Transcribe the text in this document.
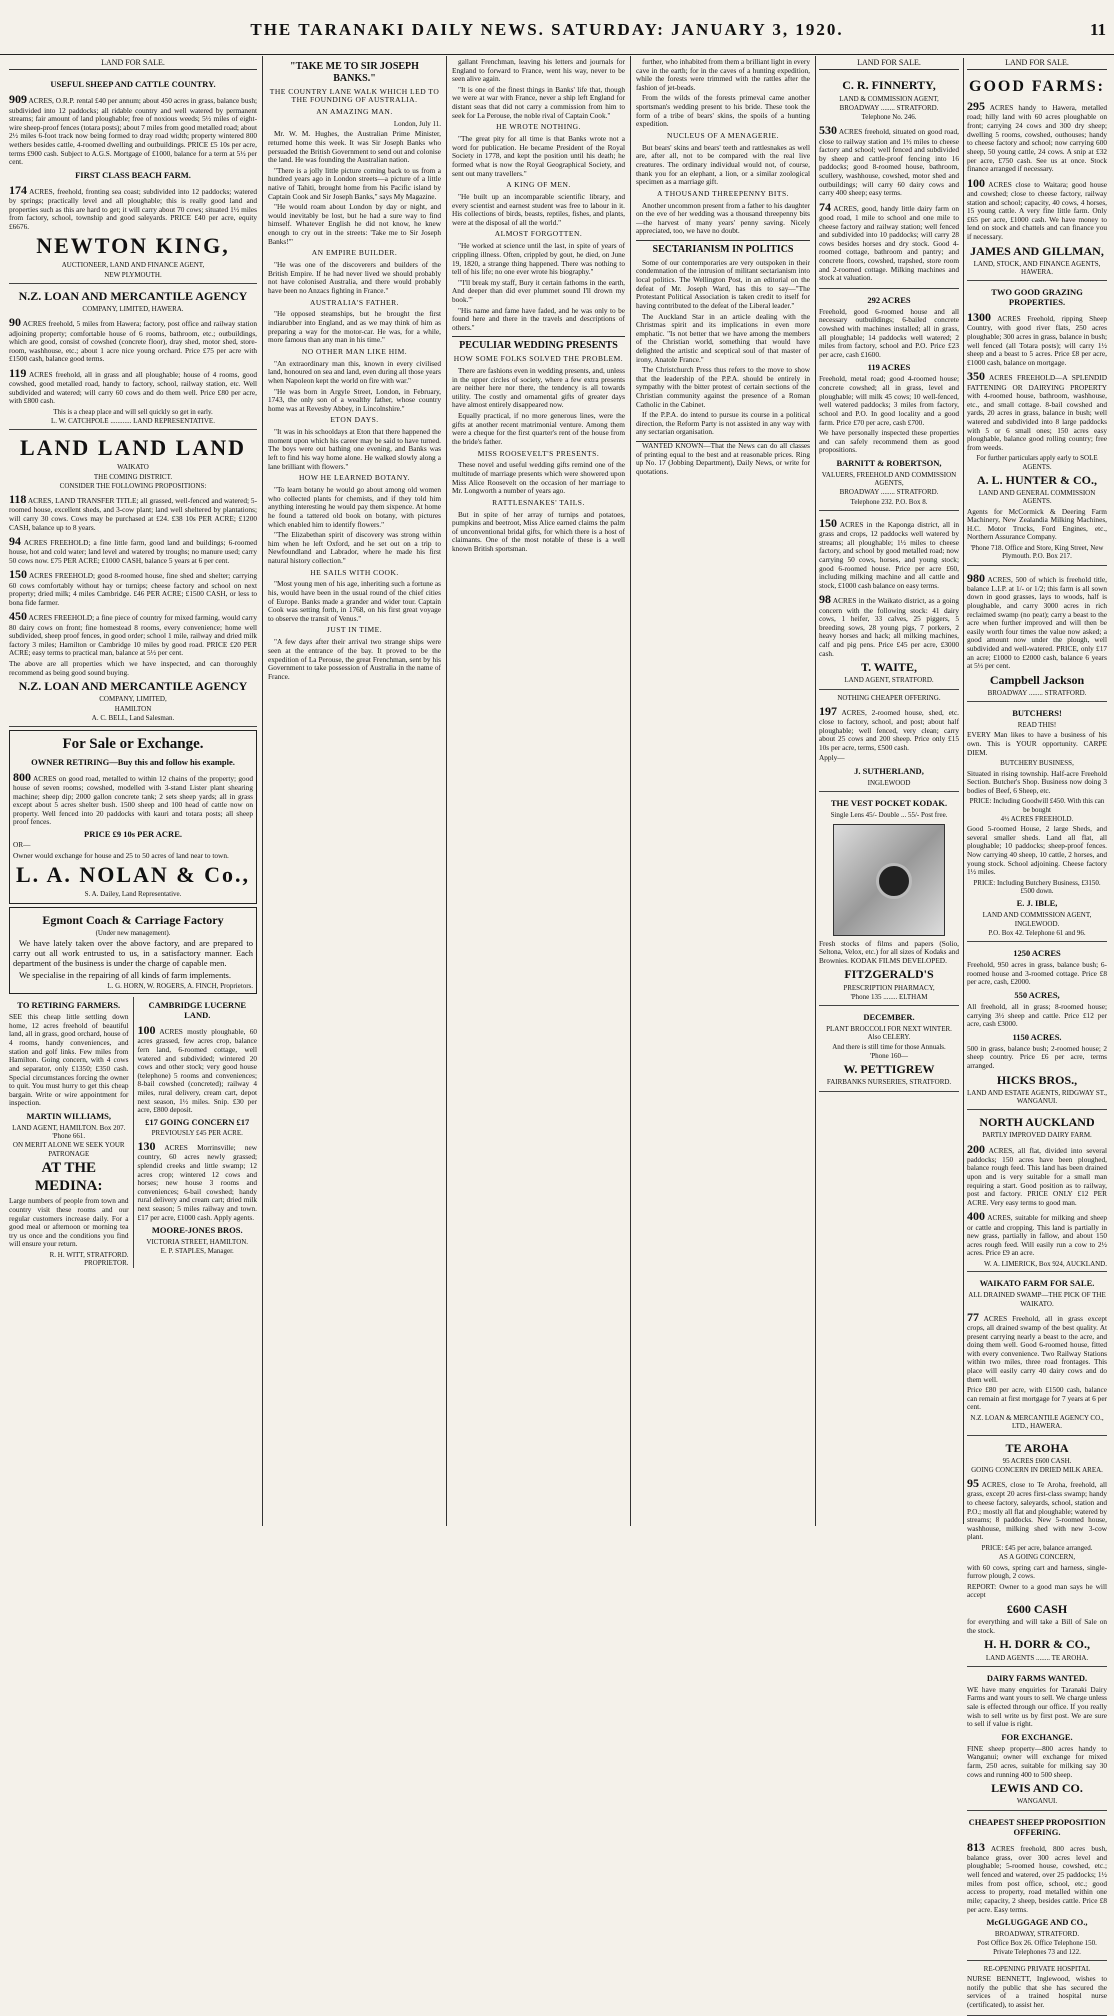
THE TARANAKI DAILY NEWS. SATURDAY: JANUARY 3, 1920.	11
LAND FOR SALE.
USEFUL SHEEP AND CATTLE COUNTRY.
909 ACRES, O.R.P. rental £40 per annum; about 450 acres in grass, balance bush; subdivided into 12 paddocks; all ridable country and well watered by permanent streams; fair amount of land ploughable; free of noxious weeds; 5½ miles of eight-wire sheep-proof fences (totara posts); about 7 miles from good metalled road; about 2½ miles 6-foot track now being formed to dray road width; property wintered 800 wethers besides cattle, 4-roomed dwelling and outbuildings. PRICE £5 10s per acre, terms £900 cash. Subject to A.G.S. Mortgage of £1000, balance for a term at 5½ per cent.
FIRST CLASS BEACH FARM.
174 ACRES, freehold, fronting sea coast; subdivided into 12 paddocks; watered by springs; practically level and all ploughable; this is really good land and properties such as this are hard to get; it will carry about 70 cows; situated 1½ miles from factory, school, township and good saleyards. PRICE £40 per acre, equity £6676.
NEWTON KING,
AUCTIONEER, LAND AND FINANCE AGENT,
NEW PLYMOUTH.
N.Z. LOAN AND MERCANTILE AGENCY
COMPANY, LIMITED, HAWERA.
90 ACRES freehold, 5 miles from Hawera; factory, post office and railway station adjoining property; comfortable house of 6 rooms, bathroom, etc.; outbuildings, which are good, consist of cowshed (concrete floor), dray shed, motor shed, store-room, washhouse, etc.; about 1 acre nice young orchard. Price £75 per acre with £1500 cash, balance good terms.
119 ACRES freehold, all in grass and all ploughable; house of 4 rooms, good cowshed, good metalled road, handy to factory, school, railway station, etc. Well subdivided and watered; will carry 60 cows and do them well. Price £80 per acre, with £800 cash.
This is a cheap place and will sell quickly so get in early.
L. W. CATCHPOLE ............ LAND REPRESENTATIVE.
LAND LAND LAND
WAIKATO
THE COMING DISTRICT.
CONSIDER THE FOLLOWING PROPOSITIONS:
118 ACRES, LAND TRANSFER TITLE; all grassed, well-fenced and watered; 5-roomed house, excellent sheds, and 3-cow plant; land well sheltered by plantations; will carry 30 cows. Cows may be purchased at £24. £38 10s PER ACRE; £1200 CASH, balance up to 8 years.
94 ACRES FREEHOLD; a fine little farm, good land and buildings; 6-roomed house, hot and cold water; land level and watered by troughs; no manure used; carry 50 cows now. £75 PER ACRE; £1000 CASH, balance 5 years at 6 per cent.
150 ACRES FREEHOLD; good 8-roomed house, fine shed and shelter; carrying 60 cows comfortably without hay or turnips; cheese factory and school on next property; dried milk; 4 miles Cambridge. £46 PER ACRE; £1500 CASH, or less to bona fide farmer.
450 ACRES FREEHOLD; a fine piece of country for mixed farming, would carry 80 dairy cows on front; fine homestead 8 rooms, every convenience; home well subdivided, sheep proof fences, in good order; school 1 mile, railway and dried milk factory 3 miles; Hamilton or Cambridge 10 miles by good road. PRICE £20 PER ACRE; easy terms to practical man, balance at 5½ per cent.
The above are all properties which we have inspected, and can thoroughly recommend as being good sound buying.
N.Z. LOAN AND MERCANTILE AGENCY
COMPANY, LIMITED,
HAMILTON
A. C. BELL, Land Salesman.
For Sale or Exchange.
OWNER RETIRING—Buy this and follow his example.
800 ACRES on good road, metalled to within 12 chains of the property; good house of seven rooms; cowshed, modelled with 3-stand Lister plant shearing machine; sheep dip; 2000 gallon concrete tank; 2 sets sheep yards; all in grass except about 5 acres shelter bush. 1500 sheep and 100 head of cattle now on property. Well fenced into 20 paddocks with kauri and totara posts; all sheep proof fences.
PRICE £9 10s PER ACRE.
OR—
Owner would exchange for house and 25 to 50 acres of land near to town.
L. A. NOLAN & Co.,
S. A. Dailey, Land Representative.
Egmont Coach & Carriage Factory
(Under new management).

We have lately taken over the above factory, and are prepared to carry out all work entrusted to us, in a satisfactory manner. Each department of the business is under the charge of capable men.

We specialise in the repairing of all kinds of farm implements.

L. G. HORN, W. ROGERS, A. FINCH, Proprietors.
TO RETIRING FARMERS.
SEE this cheap little settling down home, 12 acres freehold of beautiful land, all in grass, good orchard, house of 4 rooms, handy conveniences, and station and golf links. Few miles from Hamilton. Going concern, with 4 cows and separator, only £1350; £350 cash. Special circumstances forcing the owner to quit. You must hurry to get this cheap bargain. Write or wire appointment for inspection.
MARTIN WILLIAMS,
LAND AGENT, HAMILTON. Box 207. 'Phone 661.
ON MERIT ALONE WE SEEK YOUR PATRONAGE
AT THE MEDINA:
Large numbers of people from town and country visit these rooms and our regular customers increase daily. For a good meal or afternoon or morning tea try us once and the conditions you find will ensure your return.
R. H. WITT, STRATFORD. PROPRIETOR.
CAMBRIDGE LUCERNE LAND.
100 ACRES mostly ploughable, 60 acres grassed, few acres crop, balance fern land, 6-roomed cottage, well watered and subdivided; wintered 20 cows and other stock; very good house (telephone) 5 rooms and conveniences; 8-bail cowshed (concreted); railway 4 miles, rural delivery, cream cart, depot next season, 1½ miles. Snip. £30 per acre, £800 deposit.
£17 GOING CONCERN £17
PREVIOUSLY £45 PER ACRE.
130 ACRES Morrinsville; new country, 60 acres newly grassed; splendid creeks and little swamp; 12 acres crop; wintered 12 cows and horses; new house 3 rooms and conveniences; 6-bail cowshed; handy rural delivery and cream cart; dried milk next season; 5 miles railway and town. £17 per acre, £1000 cash. Apply agents.
MOORE-JONES BROS.
VICTORIA STREET, HAMILTON.
E. P. STAPLES, Manager.
"TAKE ME TO SIR JOSEPH BANKS."
THE COUNTRY LANE WALK WHICH LED TO THE FOUNDING OF AUSTRALIA.
AN AMAZING MAN.

London, July 11.

Mr. W. M. Hughes, the Australian Prime Minister, returned home this week. It was Sir Joseph Banks who persuaded the British Government to send out and colonise the land. He was founding the Australian nation.

"There is a jolly little picture coming back to us from a hundred years ago in London streets—a picture of a little native of Tahiti, brought home from his Pacific island by Captain Cook and Sir Joseph Banks," says My Magazine.

"He would roam about London by day or night, and would inevitably be lost, but he had a sure way to find himself. Whatever English he did not know, he knew enough to cry out in the streets: 'Take me to Sir Joseph Banks!'"

AN EMPIRE BUILDER.

"He was one of the discoverers and builders of the British Empire. If he had never lived we should probably not have colonised Australia, and there would probably have been no Anzacs fighting in France."

AUSTRALIA'S FATHER.

"He opposed steamships, but he brought the first indiarubber into England, and as we may think of him as preparing a way for the motor-car. He was, for a while, more famous than any man in his time."

NO OTHER MAN LIKE HIM.

"An extraordinary man this, known in every civilised land, honoured on sea and land, even during all those years when Napoleon kept the world on fire with war."

"He was born in Argyle Street, London, in February, 1743, the only son of a wealthy father, whose country home was at Revesby Abbey, in Lincolnshire."

ETON DAYS.

"It was in his schooldays at Eton that there happened the moment upon which his career may be said to have turned. The boys were out bathing one evening, and Banks was left to find his way home alone. He walked slowly along a lane brilliant with flowers."

HOW HE LEARNED BOTANY.

"To learn botany he would go about among old women who collected plants for chemists, and if they told him anything interesting he would pay them sixpence. At home he found a tattered old book on botany, with pictures which enabled him to identify flowers."

"The Elizabethan spirit of discovery was strong within him when he left Oxford, and he set out on a trip to Newfoundland and Labrador, where he made his first natural history collection."

HE SAILS WITH COOK.

"Most young men of his age, inheriting such a fortune as his, would have been in the usual round of the chief cities of Europe. Banks made a grander and wider tour. Captain Cook was setting forth, in 1768, on his first great voyage to observe the transit of Venus."

JUST IN TIME.

"A few days after their arrival two strange ships were seen at the entrance of the bay. It proved to be the expedition of La Perouse, the great Frenchman, sent by his Government to take possession of Australia in the name of France.

gallant Frenchman, leaving his letters and journals for England to forward to France, went his way, never to be seen alive again.

"It is one of the finest things in Banks' life that, though we were at war with France, never a ship left England for distant seas that did not carry a commission from him to seek for La Perouse, the noble rival of Captain Cook."

HE WROTE NOTHING.

"The great pity for all time is that Banks wrote not a word for publication. He became President of the Royal Society in 1778, and kept the position until his death; he formed what is now the Royal Geographical Society, and sent out many travellers."

A KING OF MEN.

"He built up an incomparable scientific library, and every scientist and earnest student was free to labour in it. His collections of birds, beasts, reptiles, fishes, and plants, were at the disposal of all the world."

ALMOST FORGOTTEN.

"He worked at science until the last, in spite of years of crippling illness. Often, crippled by gout, he died, on June 19, 1820, a strange thing happened. There was nothing to tell of his life; no one ever wrote his biography."

"'I'll break my staff, Bury it certain fathoms in the earth, And deeper than did ever plummet sound I'll drown my book.'"

"His name and fame have faded, and he was only to be found here and there in the travels and descriptions of others."

PECULIAR WEDDING PRESENTS
HOW SOME FOLKS SOLVED THE PROBLEM.

There are fashions even in wedding presents, and, unless in the upper circles of society, where a few extra presents are neither here nor there, the tendency is all towards utility. The costly and ornamental gifts of greater days have almost entirely disappeared now.

Equally practical, if no more generous lines, were the gifts at another recent matrimonial venture. Among them were a cheque for the first quarter's rent of the house from the bride's father.

MISS ROOSEVELT'S PRESENTS.

These novel and useful wedding gifts remind one of the multitude of marriage presents which were showered upon Miss Alice Roosevelt on the occasion of her marriage to Mr. Longworth a number of years ago.

RATTLESNAKES' TAILS.

But in spite of her array of turnips and potatoes, pumpkins and beetroot, Miss Alice earned claims the palm of unconventional bridal gifts, for which there is a host of claimants. One of the most notable of these is a well known British sportsman.

further, who inhabited from them a brilliant light in every cave in the earth; for in the caves of a hunting expedition, while the forests were trimmed with the rattles after the fashion of jet-beads.

From the wilds of the forests primeval came another sportsman's wedding present to his bride. These took the form of a tribe of bears' skins, the spoils of a hunting expedition.

NUCLEUS OF A MENAGERIE.

But bears' skins and bears' teeth and rattlesnakes as well are, after all, not to be compared with the real live creatures. The ordinary individual would not, of course, thank you for an elephant, a lion, or a similar zoological specimen as a marriage gift.

A THOUSAND THREEPENNY BITS.

Another uncommon present from a father to his daughter on the eve of her wedding was a thousand threepenny bits—the harvest of many years' penny saving. Nicely appreciated, too, we have no doubt.

SECTARIANISM IN POLITICS

Some of our contemporaries are very outspoken in their condemnation of the intrusion of militant sectarianism into local politics. The Wellington Post, in an editorial on the defeat of Mr. Joseph Ward, has this to say—"The Protestant Political Association is taken credit to itself for having contributed to the defeat of the Liberal leader."

The Auckland Star in an article dealing with the Christmas spirit and its implications in even more emphatic. "Is not better that we have among the members of the Christian world, something that would have delighted the artistic and sceptical soul of that master of irony, Anatole France."

The Christchurch Press thus refers to the move to show that the leadership of the P.P.A. should be entirely in sympathy with the bitter protest of certain sections of the Christian community against the presence of a Roman Catholic in the Cabinet.

If the P.P.A. do intend to pursue its course in a political direction, the Reform Party is not assisted in any way with any sectarian organisation.

WANTED KNOWN—That the News can do all classes of printing equal to the best and at reasonable prices. Ring up No. 17 (Jobbing Department), Daily News, or write for quotations.

LAND FOR SALE.
C. R. FINNERTY,
LAND & COMMISSION AGENT,
BROADWAY ........ STRATFORD.
Telephone No. 246.
530 ACRES freehold, situated on good road, close to railway station and 1½ miles to cheese factory and school; well fenced and subdivided by sheep and cattle-proof fencing into 16 paddocks; good 8-roomed house, bathroom, scullery, washhouse, cowshed, motor shed and outbuildings; will carry 60 dairy cows and carry 400 sheep; easy terms.
74 ACRES, good, handy little dairy farm on good road, 1 mile to school and one mile to cheese factory and railway station; well fenced and subdivided into 10 paddocks; will carry 28 cows besides horses and dry stock. Good 4-roomed cottage, bathroom and pantry; and concrete floors, cowshed, trapshed, store room and 2-roomed cottage. Milking machines and stock at valuation.
292 ACRES
Freehold, good 6-roomed house and all necessary outbuildings; 6-bailed concrete cowshed with machines installed; all in grass, all ploughable; 14 paddocks well watered; 2 miles from factory, school and P.O. Price £23 per acre, cash £1600.
119 ACRES
Freehold, metal road; good 4-roomed house; concrete cowshed; all in grass, level and ploughable; will milk 45 cows; 10 well-fenced, well watered paddocks; 3 miles from factory, school and P.O. In good locality and a good farm. Price £70 per acre, cash £700.
We have personally inspected these properties and can safely recommend them as good propositions.
BARNITT & ROBERTSON,
VALUERS, FREEHOLD AND COMMISSION AGENTS,
BROADWAY ........ STRATFORD.
Telephone 232. P.O. Box 8.
150 ACRES in the Kaponga district, all in grass and crops, 12 paddocks well watered by streams; all ploughable; 1½ miles to cheese factory, and school by good metalled road; now carrying 50 cows, horses, and young stock; good 6-roomed house. Price per acre £60, including milking machine and all cattle and stock, £1000 cash balance on easy terms.
98 ACRES in the Waikato district, as a going concern with the following stock: 41 dairy cows, 1 heifer, 33 calves, 25 piggers, 5 breeding sows, 28 young pigs, 7 porkers, 2 heavy horses and hack; all milking machines, calf and pig pens. Price £45 per acre, £3000 cash.
T. WAITE,
LAND AGENT, STRATFORD.
NOTHING CHEAPER OFFERING.
197 ACRES, 2-roomed house, shed, etc. close to factory, school, and post; about half ploughable; well fenced, very clean; carry about 25 cows and 200 sheep. Price only £15 10s per acre, terms, £500 cash.
Apply—
J. SUTHERLAND,
INGLEWOOD
THE VEST POCKET KODAK.
Single Lens 45/- Double ... 55/- Post free.
Fresh stocks of films and papers (Solio, Seltona, Velox, etc.) for all sizes of Kodaks and Brownies. KODAK FILMS DEVELOPED.
FITZGERALD'S
PRESCRIPTION PHARMACY,
'Phone 135 ........ ELTHAM
DECEMBER.
PLANT BROCCOLI FOR NEXT WINTER. Also CELERY.
And there is still time for those Annuals.
'Phone 160—
W. PETTIGREW
FAIRBANKS NURSERIES, STRATFORD.
LAND FOR SALE.
GOOD FARMS:
295 ACRES handy to Hawera, metalled road; hilly land with 60 acres ploughable on front; carrying 24 cows and 300 dry sheep; dwelling 5 rooms, cowshed, outhouses; handy to cheese factory and school; now carrying 600 sheep, 50 young cattle, 24 cows. A snip at £32 per acre, £750 cash. See us at once. Stock finance arranged if necessary.
100 ACRES close to Waitara; good house and cowshed; close to cheese factory, railway station and school; capacity, 40 cows, 4 horses, 15 young cattle. A very fine little farm. Only £65 per acre, £1000 cash. We have money to lend on stock and chattels and can finance you if necessary.
JAMES AND GILLMAN,
LAND, STOCK, AND FINANCE AGENTS, HAWERA.
TWO GOOD GRAZING PROPERTIES.
1300 ACRES Freehold, ripping Sheep Country, with good river flats, 250 acres ploughable; 300 acres in grass, balance in bush; well fenced (all Totara posts); will carry 1½ sheep and a beast to 5 acres. Price £8 per acre, £1000 cash, balance on mortgage.
350 ACRES FREEHOLD—A SPLENDID FATTENING OR DAIRYING PROPERTY with 4-roomed house, bathroom, washhouse, etc., and small cottage. 8-bail cowshed and yards, 20 acres in grass, balance in bush; well watered and subdivided into 8 large paddocks with 5 or 6 small ones; 150 acres easy ploughable, balance good rolling country; free from weeds.
For further particulars apply early to SOLE AGENTS.
A. L. HUNTER & CO.,
LAND AND GENERAL COMMISSION AGENTS.
Agents for McCormick & Deering Farm Machinery, New Zealandia Milking Machines, H.C. Motor Trucks, Ford Engines, etc., Northern Assurance Company.
'Phone 718. Office and Store, King Street, New Plymouth. P.O. Box 217.
980 ACRES, 500 of which is freehold title, balance L.I.P. at 1/- or 1/2; this farm is all sown down in good grasses, lays to woods, half is ploughable, and carry 3000 acres in rich reclaimed swamp (no peat); carry a beast to the acre when further improved and will then be easily worth four times the value now asked; a good amount now under the plough, well subdivided and well-watered. PRICE, only £17 an acre; £1000 to £2000 cash, balance 6 years at 5½ per cent.
Campbell Jackson
BROADWAY ........ STRATFORD.
BUTCHERS!
READ THIS!
EVERY Man likes to have a business of his own. This is YOUR opportunity. CARPE DIEM.
BUTCHERY BUSINESS,
Situated in rising township. Half-acre Freehold Section. Butcher's Shop. Business now doing 3 bodies of Beef, 6 Sheep, etc.
PRICE: Including Goodwill £450. With this can be bought
4½ ACRES FREEHOLD.
Good 5-roomed House, 2 large Sheds, and several smaller sheds. Land all flat, all ploughable; 10 paddocks; sheep-proof fences. Now carrying 40 sheep, 10 cattle, 2 horses, and young stock. School adjoining. Cheese factory 1½ miles.
PRICE: Including Butchery Business, £3150. £500 down.
E. J. IBLE,
LAND AND COMMISSION AGENT, INGLEWOOD.
P.O. Box 42. Telephone 61 and 96.
1250 ACRES
Freehold, 950 acres in grass, balance bush; 6-roomed house and 3-roomed cottage. Price £8 per acre, cash, £2000.
550 ACRES,
All freehold, all in grass; 8-roomed house; carrying 3½ sheep and cattle. Price £12 per acre, cash £3000.
1150 ACRES.
500 in grass, balance bush; 2-roomed house; 2 sheep country. Price £6 per acre, terms arranged.
HICKS BROS.,
LAND AND ESTATE AGENTS, RIDGWAY ST., WANGANUI.
NORTH AUCKLAND
PARTLY IMPROVED DAIRY FARM.
200 ACRES, all flat, divided into several paddocks; 150 acres have been ploughed, balance rough feed. This land has been drained upon and is very suitable for a small man requiring a start. Good position as to railway, post and factory. PRICE ONLY £12 PER ACRE. Very easy terms to good man.
400 ACRES, suitable for milking and sheep or cattle and cropping. This land is partially in new grass, partially in fallow, and about 150 acres rough feed. Will easily run a cow to 2½ acres. Price £9 an acre.
W. A. LIMERICK, Box 924, AUCKLAND.
WAIKATO FARM FOR SALE.
ALL DRAINED SWAMP—THE PICK OF THE WAIKATO.
77 ACRES Freehold, all in grass except crops, all drained swamp of the best quality. At present carrying nearly a beast to the acre, and doing them well. Good 6-roomed house, fitted with every convenience. Two Railway Stations within two miles, three road frontages. This place will easily carry 40 dairy cows and do them well.
Price £80 per acre, with £1500 cash, balance can remain at first mortgage for 7 years at 6 per cent.
N.Z. LOAN & MERCANTILE AGENCY CO., LTD., HAWERA.
TE AROHA
95 ACRES £600 CASH.
GOING CONCERN IN DRIED MILK AREA.
95 ACRES, close to Te Aroha, freehold, all grass, except 20 acres first-class swamp; handy to cheese factory, saleyards, school, station and P.O.; mostly all flat and ploughable; watered by streams; 8 paddocks. New 5-roomed house, washhouse, milking shed with new 3-cow plant.
PRICE: £45 per acre, balance arranged.
AS A GOING CONCERN,
with 60 cows, spring cart and harness, single-furrow plough, 2 cows.
REPORT: Owner to a good man says he will accept
£600 CASH
for everything and will take a Bill of Sale on the stock.
H. H. DORR & CO.,
LAND AGENTS ........ TE AROHA.
DAIRY FARMS WANTED.
WE have many enquiries for Taranaki Dairy Farms and want yours to sell. We charge unless sale is effected through our office. If you really wish to sell write us by first post. We are sure to sell if value is right.
FOR EXCHANGE.
FINE sheep property—800 acres handy to Wanganui; owner will exchange for mixed farm, 250 acres, suitable for milking say 30 cows and running 400 to 500 sheep.
LEWIS AND CO.
WANGANUI.
CHEAPEST SHEEP PROPOSITION OFFERING.
813 ACRES freehold, 800 acres bush, balance grass, over 300 acres level and ploughable; 5-roomed house, cowshed, etc.; well fenced and watered, over 25 paddocks; 1½ miles from post office, school, etc.; good access to property, road metalled within one mile; capacity, 2 sheep, besides cattle. Price £8 per acre. Easy terms.
McGLUGGAGE AND CO.,
BROADWAY, STRATFORD.
Post Office Box 26. Office Telephone 150. Private Telephones 73 and 122.
RE-OPENING PRIVATE HOSPITAL
NURSE BENNETT, Inglewood, wishes to notify the public that she has secured the services of a trained hospital nurse (certificated), to assist her.
